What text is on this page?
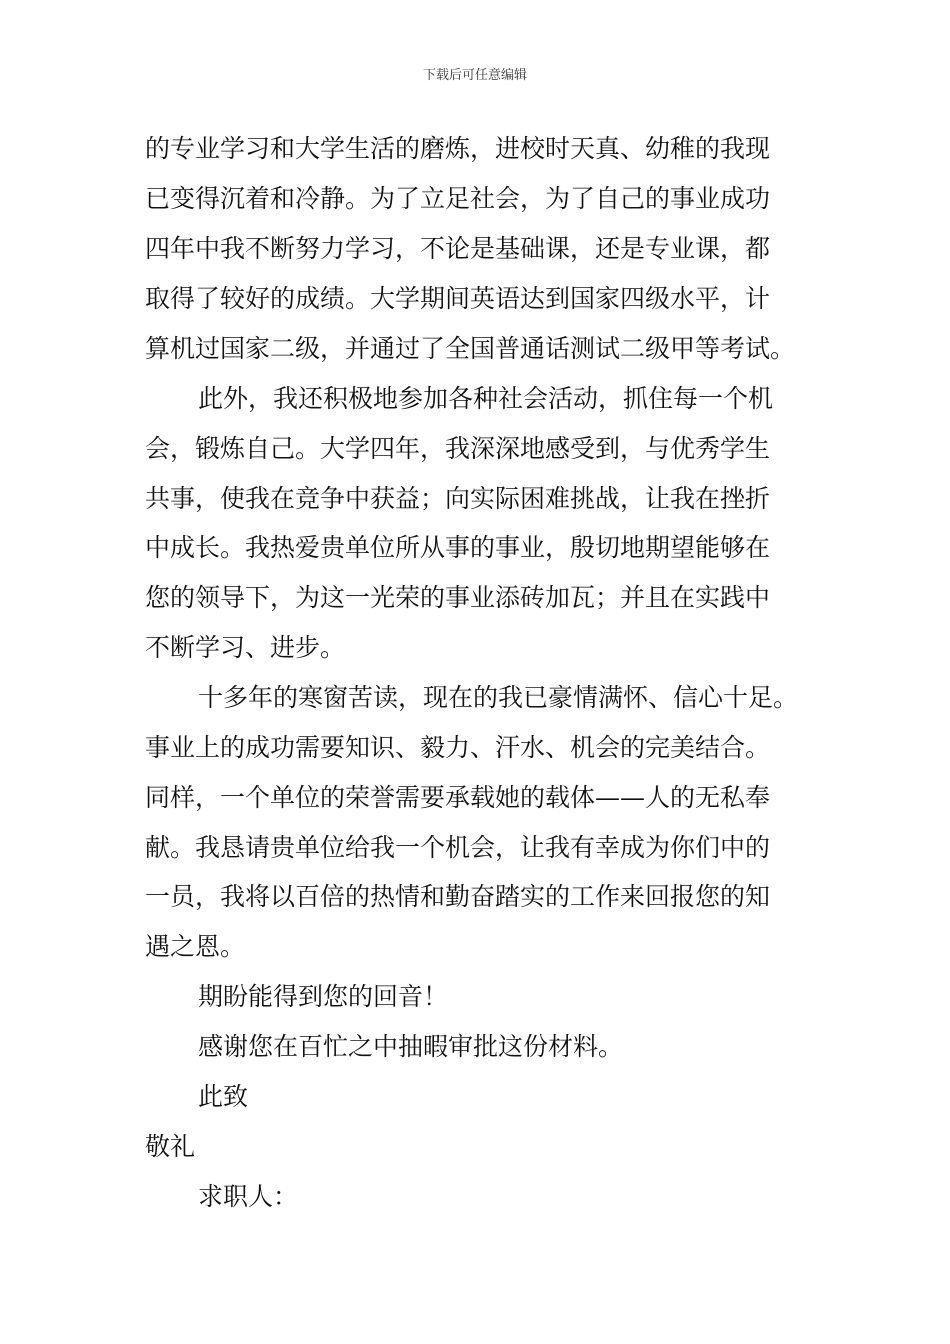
下载后可任意编辑
的专业学习和大学生活的磨炼，进校时天真、幼稚的我现
已变得沉着和冷静。为了立足社会，为了自己的事业成功
四年中我不断努力学习，不论是基础课，还是专业课，都
取得了较好的成绩。大学期间英语达到国家四级水平，计
算机过国家二级，并通过了全国普通话测试二级甲等考试。
此外，我还积极地参加各种社会活动，抓住每一个机
会，锻炼自己。大学四年，我深深地感受到，与优秀学生
共事，使我在竞争中获益；向实际困难挑战，让我在挫折
中成长。我热爱贵单位所从事的事业，殷切地期望能够在
您的领导下，为这一光荣的事业添砖加瓦；并且在实践中
不断学习、进步。
十多年的寒窗苦读，现在的我已豪情满怀、信心十足。
事业上的成功需要知识、毅力、汗水、机会的完美结合。
同样，一个单位的荣誉需要承载她的载体——人的无私奉
献。我恳请贵单位给我一个机会，让我有幸成为你们中的
一员，我将以百倍的热情和勤奋踏实的工作来回报您的知
遇之恩。
期盼能得到您的回音！
感谢您在百忙之中抽暇审批这份材料。
此致
敬礼
求职人：
